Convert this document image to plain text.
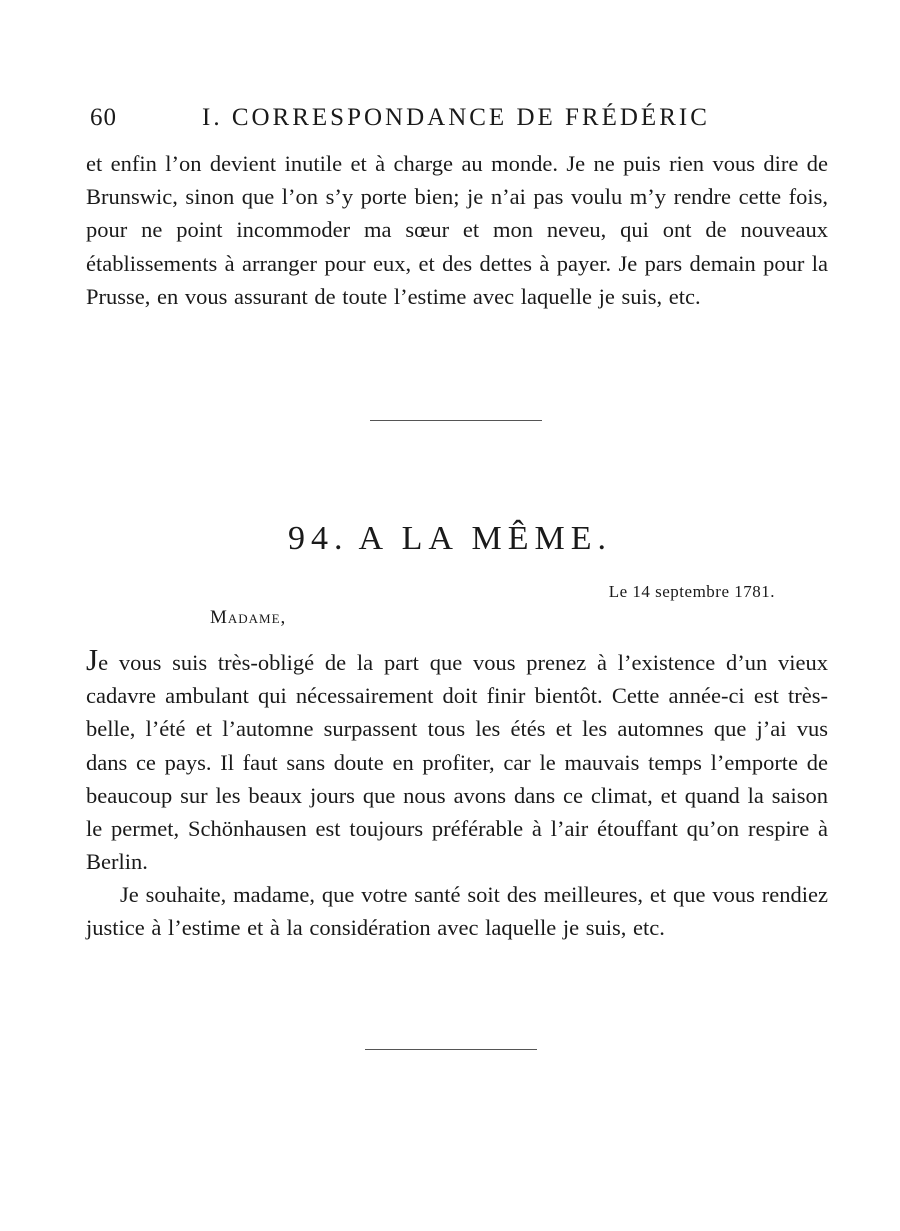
60	I. CORRESPONDANCE DE FRÉDÉRIC

et enfin l’on devient inutile et à charge au monde. Je ne puis rien vous dire de Brunswic, sinon que l’on s’y porte bien; je n’ai pas voulu m’y rendre cette fois, pour ne point incommoder ma sœur et mon neveu, qui ont de nouveaux établissements à arranger pour eux, et des dettes à payer. Je pars demain pour la Prusse, en vous assurant de toute l’estime avec laquelle je suis, etc.

94. A LA MÊME.
Le 14 septembre 1781.
Madame,

Je vous suis très-obligé de la part que vous prenez à l’existence d’un vieux cadavre ambulant qui nécessairement doit finir bientôt. Cette année-ci est très-belle, l’été et l’automne surpassent tous les étés et les automnes que j’ai vus dans ce pays. Il faut sans doute en profiter, car le mauvais temps l’emporte de beaucoup sur les beaux jours que nous avons dans ce climat, et quand la saison le permet, Schönhausen est toujours préférable à l’air étouffant qu’on respire à Berlin.

Je souhaite, madame, que votre santé soit des meilleures, et que vous rendiez justice à l’estime et à la considération avec laquelle je suis, etc.
